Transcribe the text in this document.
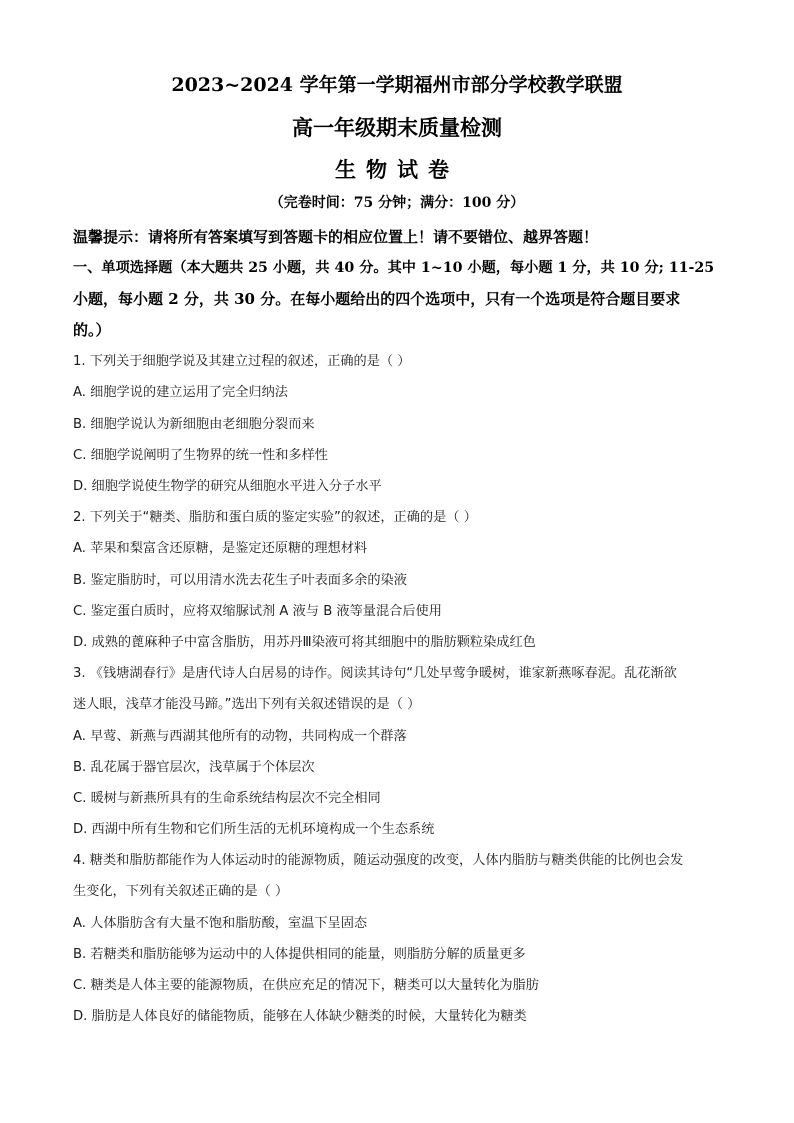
2023~2024 学年第一学期福州市部分学校教学联盟
高一年级期末质量检测
生物试卷
（完卷时间：75 分钟；满分：100 分）
温馨提示：请将所有答案填写到答题卡的相应位置上！请不要错位、越界答题！
一、单项选择题（本大题共 25 小题，共 40 分。其中 1~10 小题，每小题 1 分，共 10 分; 11-25
小题，每小题 2 分，共 30 分。在每小题给出的四个选项中，只有一个选项是符合题目要求
的。）
1. 下列关于细胞学说及其建立过程的叙述，正确的是（ ）
A. 细胞学说的建立运用了完全归纳法
B. 细胞学说认为新细胞由老细胞分裂而来
C. 细胞学说阐明了生物界的统一性和多样性
D. 细胞学说使生物学的研究从细胞水平进入分子水平
2. 下列关于“糖类、脂肪和蛋白质的鉴定实验”的叙述，正确的是（ ）
A. 苹果和梨富含还原糖，是鉴定还原糖的理想材料
B. 鉴定脂肪时，可以用清水洗去花生子叶表面多余的染液
C. 鉴定蛋白质时，应将双缩脲试剂 A 液与 B 液等量混合后使用
D. 成熟的蓖麻种子中富含脂肪，用苏丹Ⅲ染液可将其细胞中的脂肪颗粒染成红色
3. 《钱塘湖春行》是唐代诗人白居易的诗作。阅读其诗句“几处早莺争暖树，谁家新燕啄春泥。乱花渐欲
迷人眼，浅草才能没马蹄。”选出下列有关叙述错误的是（ ）
A. 早莺、新燕与西湖其他所有的动物，共同构成一个群落
B. 乱花属于器官层次，浅草属于个体层次
C. 暖树与新燕所具有的生命系统结构层次不完全相同
D. 西湖中所有生物和它们所生活的无机环境构成一个生态系统
4. 糖类和脂肪都能作为人体运动时的能源物质，随运动强度的改变，人体内脂肪与糖类供能的比例也会发
生变化，下列有关叙述正确的是（ ）
A. 人体脂肪含有大量不饱和脂肪酸，室温下呈固态
B. 若糖类和脂肪能够为运动中的人体提供相同的能量，则脂肪分解的质量更多
C. 糖类是人体主要的能源物质，在供应充足的情况下，糖类可以大量转化为脂肪
D. 脂肪是人体良好的储能物质，能够在人体缺少糖类的时候，大量转化为糖类
